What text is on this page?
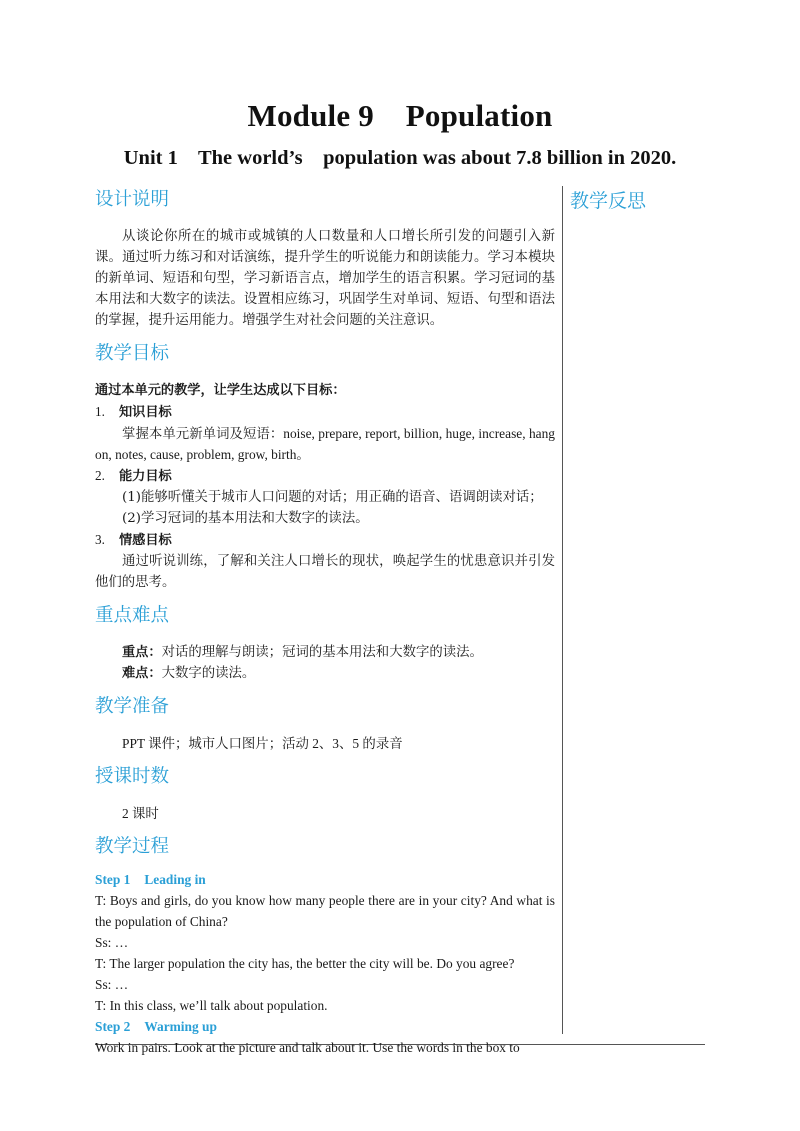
Module 9    Population
Unit 1    The world’s    population was about 7.8 billion in 2020.
教学反思
设计说明

从谈论你所在的城市或城镇的人口数量和人口增长所引发的问题引入新课。通过听力练习和对话演练，提升学生的听说能力和朗读能力。学习本模块的新单词、短语和句型，学习新语言点，增加学生的语言积累。学习冠词的基本用法和大数字的读法。设置相应练习，巩固学生对单词、短语、句型和语法的掌握，提升运用能力。增强学生对社会问题的关注意识。

教学目标
通过本单元的教学，让学生达成以下目标：
1. 知识目标

掌握本单元新单词及短语：noise, prepare, report, billion, huge, increase, hang on, notes, cause, problem, grow, birth。

2. 能力目标

(1)能够听懂关于城市人口问题的对话；用正确的语音、语调朗读对话；

(2)学习冠词的基本用法和大数字的读法。

3. 情感目标

通过听说训练，了解和关注人口增长的现状，唤起学生的忧患意识并引发他们的思考。

重点难点

重点：对话的理解与朗读；冠词的基本用法和大数字的读法。

难点：大数字的读法。

教学准备

PPT 课件；城市人口图片；活动 2、3、5 的录音

授课时数

2 课时

教学过程
Step 1 Leading in

T: Boys and girls, do you know how many people there are in your city? And what is the population of China?

Ss: …

T: The larger population the city has, the better the city will be. Do you agree?

Ss: …

T: In this class, we’ll talk about population.

Step 2 Warming up

Work in pairs. Look at the picture and talk about it. Use the words in the box to
